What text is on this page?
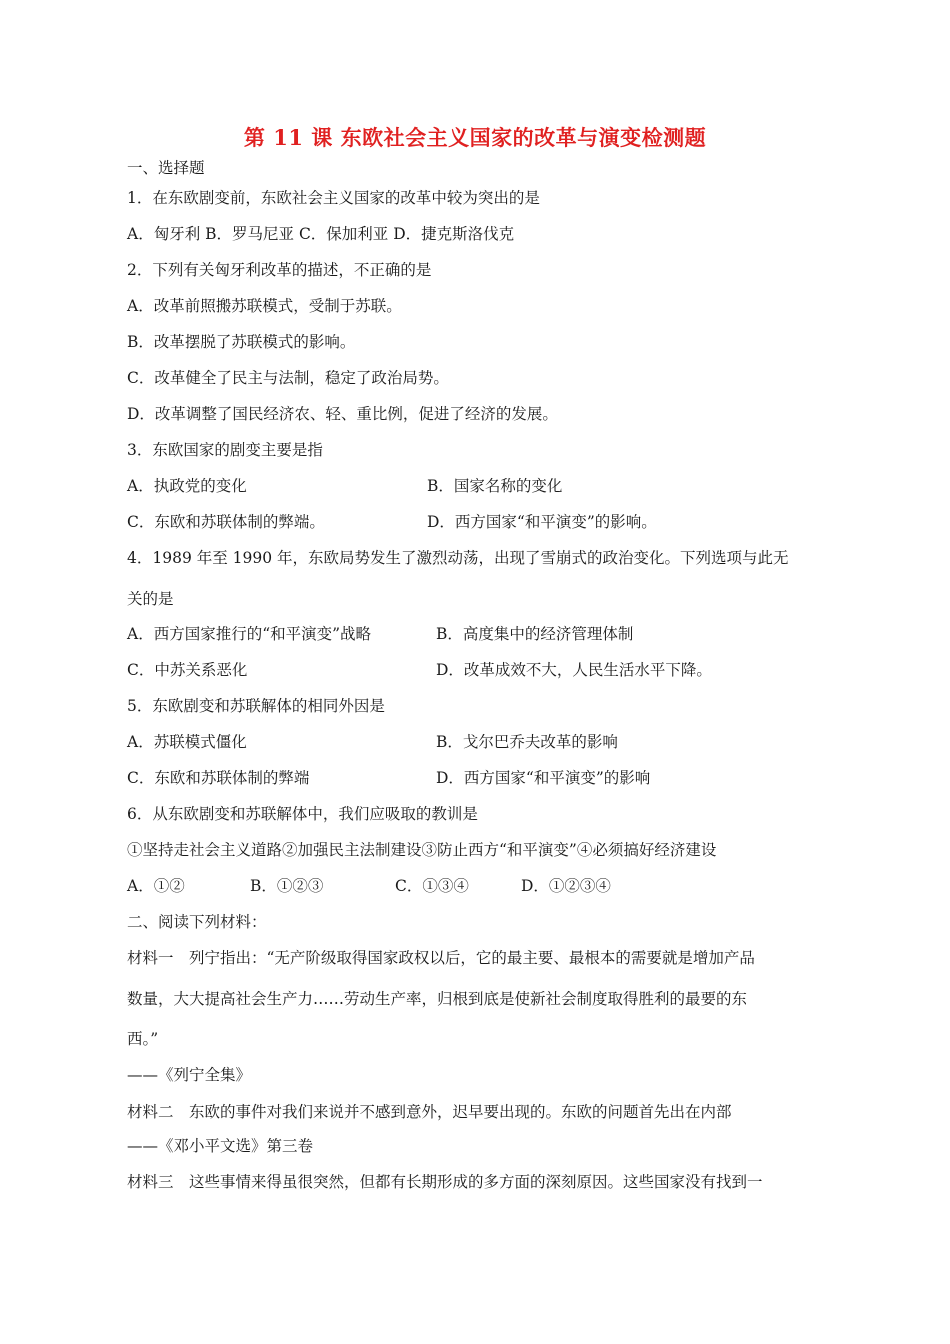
第 11 课 东欧社会主义国家的改革与演变检测题
一、选择题
1．在东欧剧变前，东欧社会主义国家的改革中较为突出的是
A．匈牙利 B．罗马尼亚 C．保加利亚 D．捷克斯洛伐克
2．下列有关匈牙利改革的描述，不正确的是
A．改革前照搬苏联模式，受制于苏联。
B．改革摆脱了苏联模式的影响。
C．改革健全了民主与法制，稳定了政治局势。
D．改革调整了国民经济农、轻、重比例，促进了经济的发展。
3．东欧国家的剧变主要是指
A．执政党的变化	B．国家名称的变化
C．东欧和苏联体制的弊端。	D．西方国家“和平演变”的影响。
4．1989 年至 1990 年，东欧局势发生了激烈动荡，出现了雪崩式的政治变化。下列选项与此无
关的是
A．西方国家推行的“和平演变”战略	B．高度集中的经济管理体制
C．中苏关系恶化	D．改革成效不大，人民生活水平下降。
5．东欧剧变和苏联解体的相同外因是
A．苏联模式僵化	B．戈尔巴乔夫改革的影响
C．东欧和苏联体制的弊端	D．西方国家“和平演变”的影响
6．从东欧剧变和苏联解体中，我们应吸取的教训是
①坚持走社会主义道路②加强民主法制建设③防止西方“和平演变”④必须搞好经济建设
A．①②	B．①②③	C．①③④	D．①②③④
二、阅读下列材料：
材料一　列宁指出：“无产阶级取得国家政权以后，它的最主要、最根本的需要就是增加产品
数量，大大提高社会生产力……劳动生产率，归根到底是使新社会制度取得胜利的最要的东
西。”
——《列宁全集》
材料二　东欧的事件对我们来说并不感到意外，迟早要出现的。东欧的问题首先出在内部
——《邓小平文选》第三卷
材料三　这些事情来得虽很突然，但都有长期形成的多方面的深刻原因。这些国家没有找到一
